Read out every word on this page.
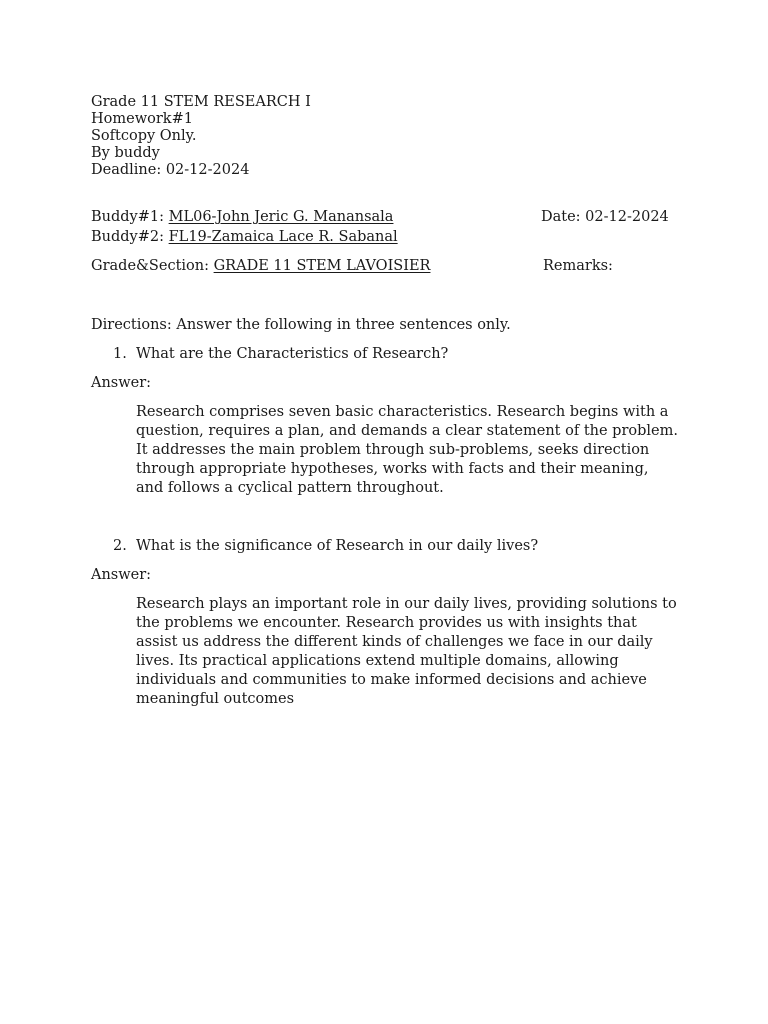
Grade 11 STEM RESEARCH I
Homework#1
Softcopy Only.
By buddy
Deadline: 02-12-2024
Buddy#1: ML06-John Jeric G. Manansala	Date: 02-12-2024
Buddy#2: FL19-Zamaica Lace R. Sabanal
Grade&Section: GRADE 11 STEM LAVOISIER	Remarks:
Directions: Answer the following in three sentences only.
1. What are the Characteristics of Research?
Answer:
Research comprises seven basic characteristics. Research begins with a
question, requires a plan, and demands a clear statement of the problem.
It addresses the main problem through sub-problems, seeks direction
through appropriate hypotheses, works with facts and their meaning,
and follows a cyclical pattern throughout.
2. What is the significance of Research in our daily lives?
Answer:
Research plays an important role in our daily lives, providing solutions to
the problems we encounter. Research provides us with insights that
assist us address the different kinds of challenges we face in our daily
lives. Its practical applications extend multiple domains, allowing
individuals and communities to make informed decisions and achieve
meaningful outcomes
